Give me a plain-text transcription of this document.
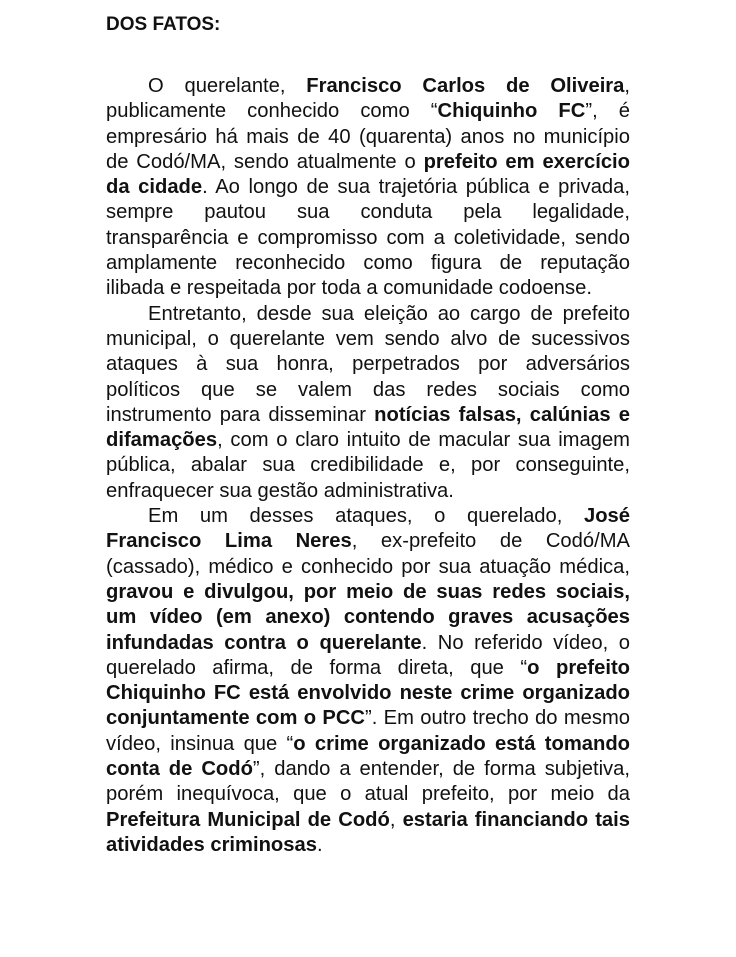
DOS FATOS:

O querelante, Francisco Carlos de Oliveira, publicamente conhecido como “Chiquinho FC”, é empresário há mais de 40 (quarenta) anos no município de Codó/MA, sendo atualmente o prefeito em exercício da cidade. Ao longo de sua trajetória pública e privada, sempre pautou sua conduta pela legalidade, transparência e compromisso com a coletividade, sendo amplamente reconhecido como figura de reputação ilibada e respeitada por toda a comunidade codoense.

Entretanto, desde sua eleição ao cargo de prefeito municipal, o querelante vem sendo alvo de sucessivos ataques à sua honra, perpetrados por adversários políticos que se valem das redes sociais como instrumento para disseminar notícias falsas, calúnias e difamações, com o claro intuito de macular sua imagem pública, abalar sua credibilidade e, por conseguinte, enfraquecer sua gestão administrativa.

Em um desses ataques, o querelado, José Francisco Lima Neres, ex-prefeito de Codó/MA (cassado), médico e conhecido por sua atuação médica, gravou e divulgou, por meio de suas redes sociais, um vídeo (em anexo) contendo graves acusações infundadas contra o querelante. No referido vídeo, o querelado afirma, de forma direta, que “o prefeito Chiquinho FC está envolvido neste crime organizado conjuntamente com o PCC”. Em outro trecho do mesmo vídeo, insinua que “o crime organizado está tomando conta de Codó”, dando a entender, de forma subjetiva, porém inequívoca, que o atual prefeito, por meio da Prefeitura Municipal de Codó, estaria financiando tais atividades criminosas.
